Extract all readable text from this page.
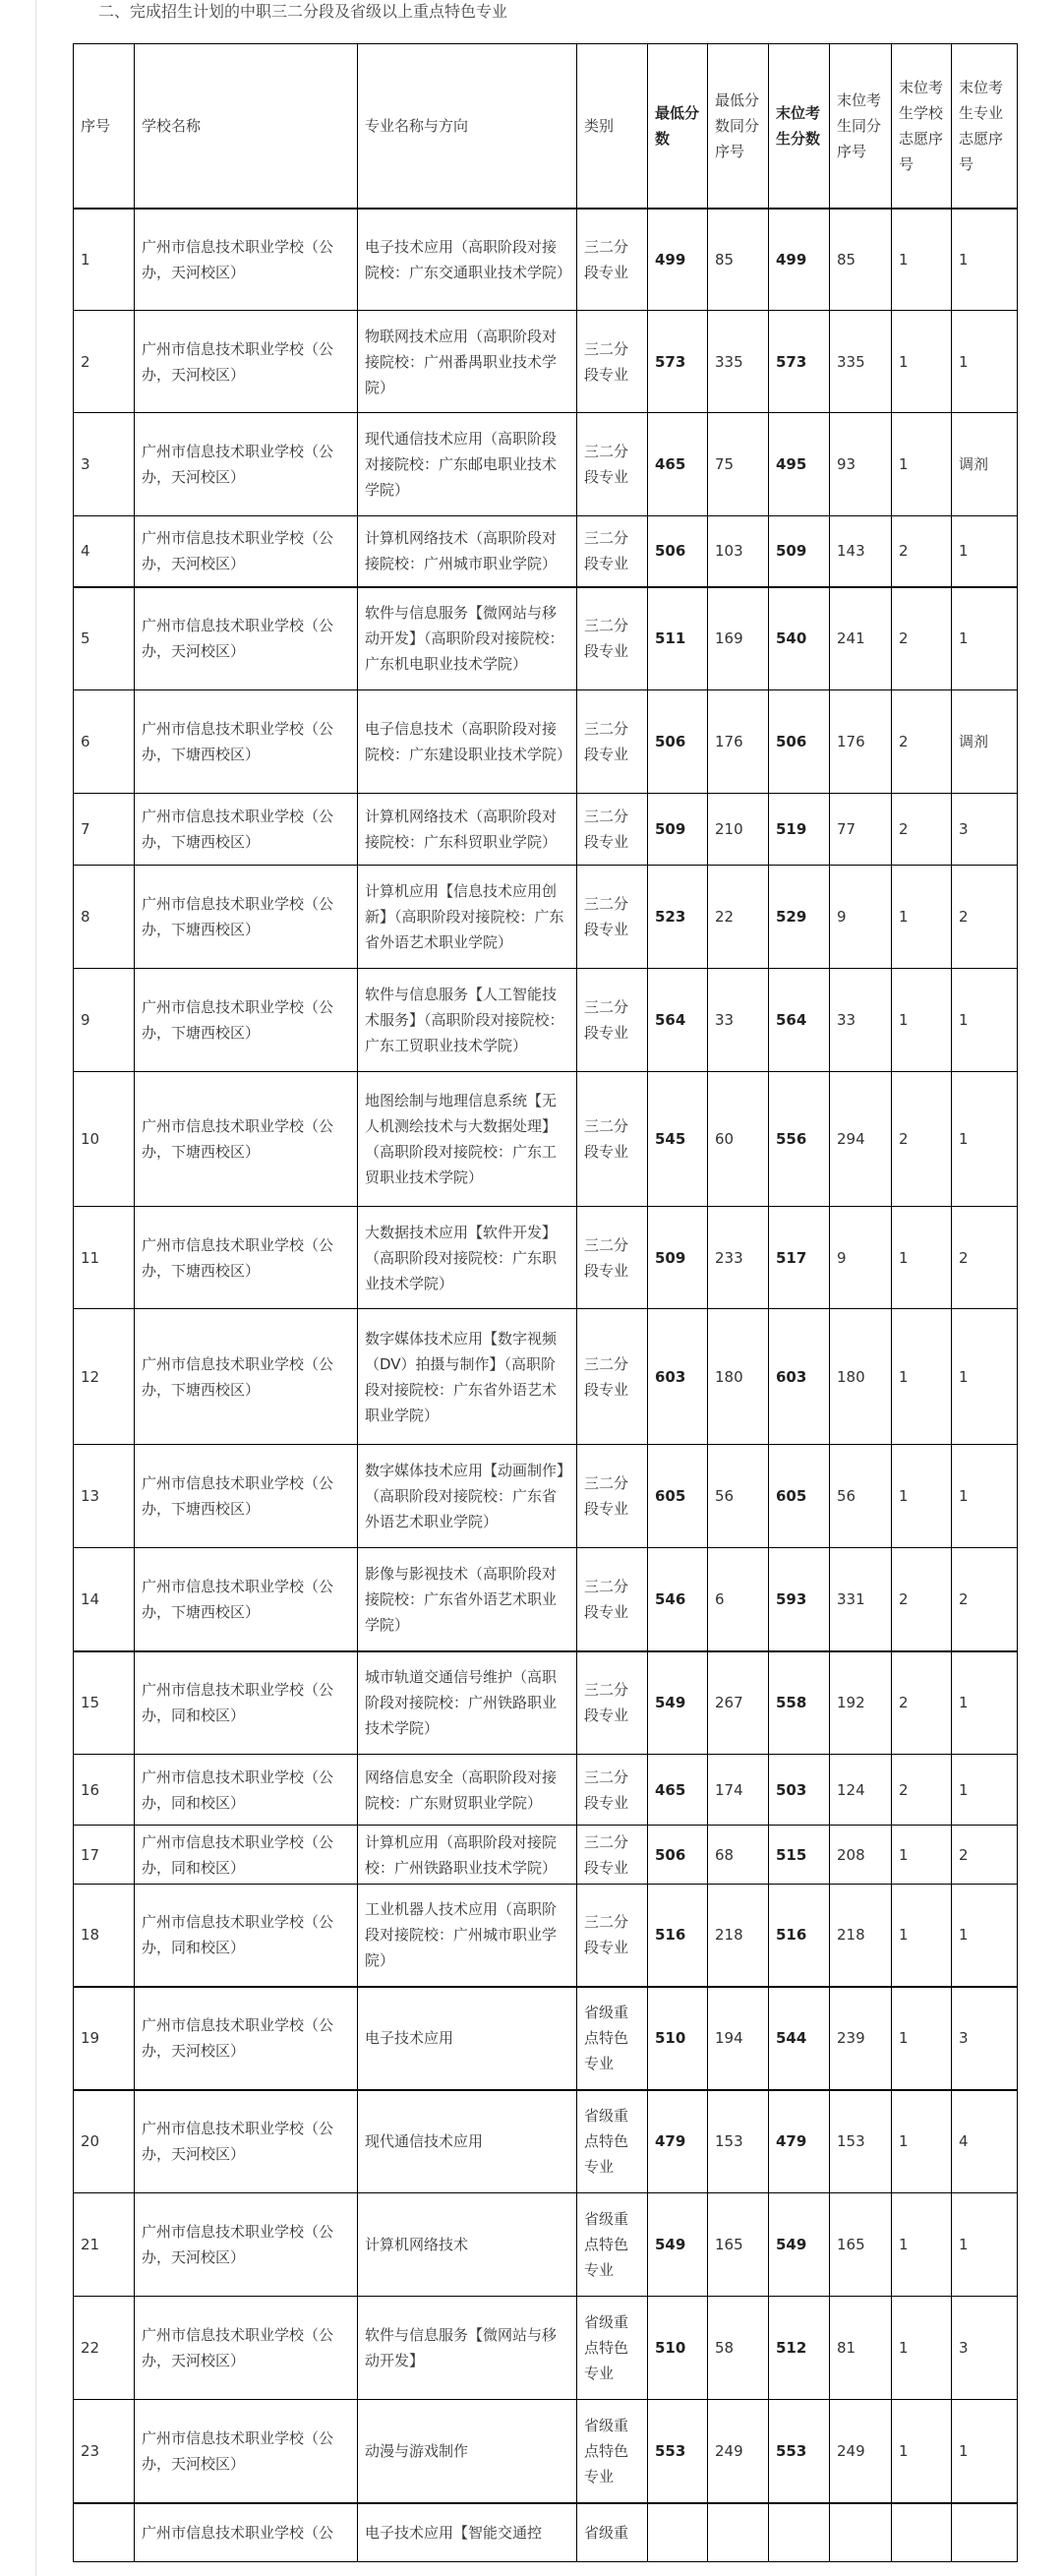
二、完成招生计划的中职三二分段及省级以上重点特色专业
序号	学校名称	专业名称与方向	类别	最低分数	最低分数同分序号	末位考生分数	末位考生同分序号	末位考生学校志愿序号	末位考生专业志愿序号
1	广州市信息技术职业学校（公办，天河校区）	电子技术应用（高职阶段对接院校：广东交通职业技术学院）	三二分段专业	499	85	499	85	1	1
2	广州市信息技术职业学校（公办，天河校区）	物联网技术应用（高职阶段对接院校：广州番禺职业技术学院）	三二分段专业	573	335	573	335	1	1
3	广州市信息技术职业学校（公办，天河校区）	现代通信技术应用（高职阶段对接院校：广东邮电职业技术学院）	三二分段专业	465	75	495	93	1	调剂
4	广州市信息技术职业学校（公办，天河校区）	计算机网络技术（高职阶段对接院校：广州城市职业学院）	三二分段专业	506	103	509	143	2	1
5	广州市信息技术职业学校（公办，天河校区）	软件与信息服务【微网站与移动开发】（高职阶段对接院校：广东机电职业技术学院）	三二分段专业	511	169	540	241	2	1
6	广州市信息技术职业学校（公办，下塘西校区）	电子信息技术（高职阶段对接院校：广东建设职业技术学院）	三二分段专业	506	176	506	176	2	调剂
7	广州市信息技术职业学校（公办，下塘西校区）	计算机网络技术（高职阶段对接院校：广东科贸职业学院）	三二分段专业	509	210	519	77	2	3
8	广州市信息技术职业学校（公办，下塘西校区）	计算机应用【信息技术应用创新】（高职阶段对接院校：广东省外语艺术职业学院）	三二分段专业	523	22	529	9	1	2
9	广州市信息技术职业学校（公办，下塘西校区）	软件与信息服务【人工智能技术服务】（高职阶段对接院校：广东工贸职业技术学院）	三二分段专业	564	33	564	33	1	1
10	广州市信息技术职业学校（公办，下塘西校区）	地图绘制与地理信息系统【无人机测绘技术与大数据处理】（高职阶段对接院校：广东工贸职业技术学院）	三二分段专业	545	60	556	294	2	1
11	广州市信息技术职业学校（公办，下塘西校区）	大数据技术应用【软件开发】（高职阶段对接院校：广东职业技术学院）	三二分段专业	509	233	517	9	1	2
12	广州市信息技术职业学校（公办，下塘西校区）	数字媒体技术应用【数字视频（DV）拍摄与制作】（高职阶段对接院校：广东省外语艺术职业学院）	三二分段专业	603	180	603	180	1	1
13	广州市信息技术职业学校（公办，下塘西校区）	数字媒体技术应用【动画制作】（高职阶段对接院校：广东省外语艺术职业学院）	三二分段专业	605	56	605	56	1	1
14	广州市信息技术职业学校（公办，下塘西校区）	影像与影视技术（高职阶段对接院校：广东省外语艺术职业学院）	三二分段专业	546	6	593	331	2	2
15	广州市信息技术职业学校（公办，同和校区）	城市轨道交通信号维护（高职阶段对接院校：广州铁路职业技术学院）	三二分段专业	549	267	558	192	2	1
16	广州市信息技术职业学校（公办，同和校区）	网络信息安全（高职阶段对接院校：广东财贸职业学院）	三二分段专业	465	174	503	124	2	1
17	广州市信息技术职业学校（公办，同和校区）	计算机应用（高职阶段对接院校：广州铁路职业技术学院）	三二分段专业	506	68	515	208	1	2
18	广州市信息技术职业学校（公办，同和校区）	工业机器人技术应用（高职阶段对接院校：广州城市职业学院）	三二分段专业	516	218	516	218	1	1
19	广州市信息技术职业学校（公办，天河校区）	电子技术应用	省级重点特色专业	510	194	544	239	1	3
20	广州市信息技术职业学校（公办，天河校区）	现代通信技术应用	省级重点特色专业	479	153	479	153	1	4
21	广州市信息技术职业学校（公办，天河校区）	计算机网络技术	省级重点特色专业	549	165	549	165	1	1
22	广州市信息技术职业学校（公办，天河校区）	软件与信息服务【微网站与移动开发】	省级重点特色专业	510	58	512	81	1	3
23	广州市信息技术职业学校（公办，天河校区）	动漫与游戏制作	省级重点特色专业	553	249	553	249	1	1
	广州市信息技术职业学校（公	电子技术应用【智能交通控	省级重						
